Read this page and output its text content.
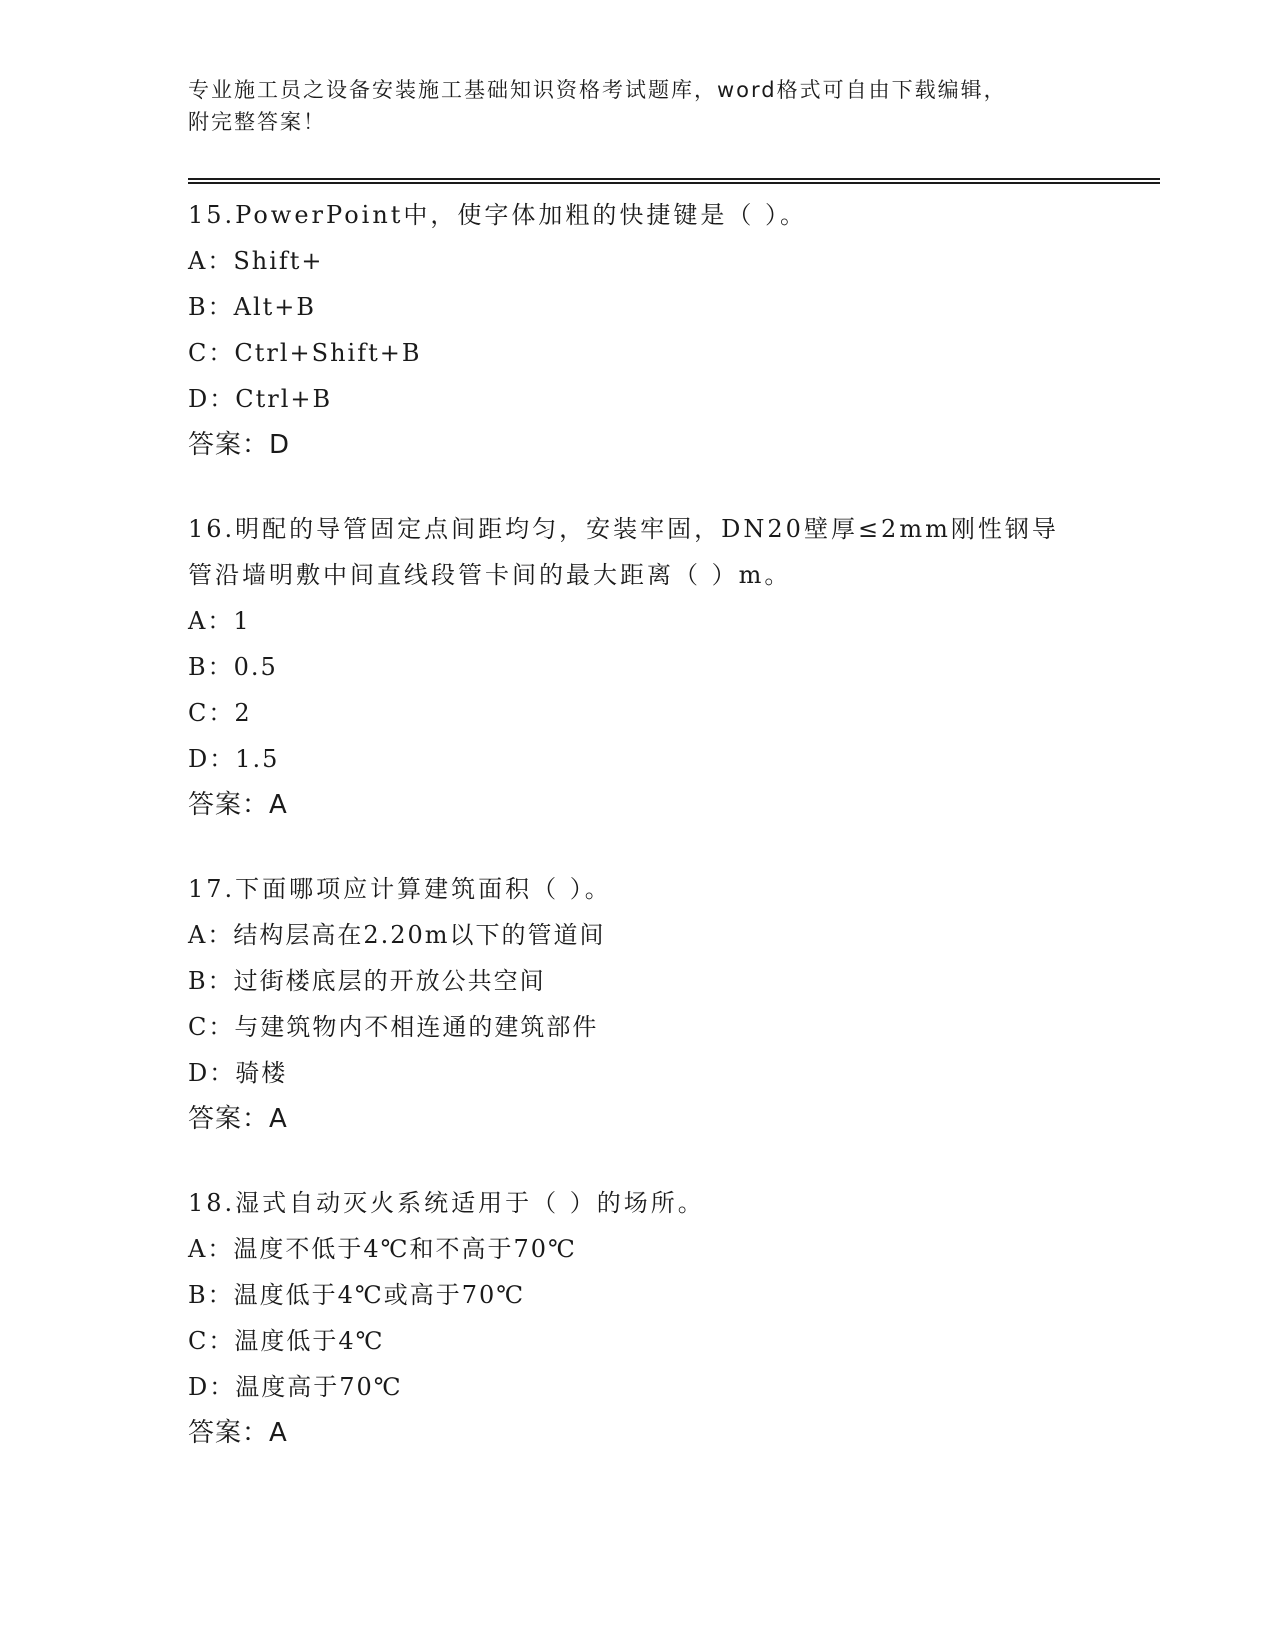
专业施工员之设备安装施工基础知识资格考试题库，word格式可自由下载编辑，
附完整答案！
15.PowerPoint中，使字体加粗的快捷键是（ ）。
A：Shift+
B：Alt+B
C：Ctrl+Shift+B
D：Ctrl+B
答案：D
16.明配的导管固定点间距均匀，安装牢固，DN20壁厚≤2mm刚性钢导
管沿墙明敷中间直线段管卡间的最大距离（ ）m。
A：1
B：0.5
C：2
D：1.5
答案：A
17.下面哪项应计算建筑面积（ ）。
A：结构层高在2.20m以下的管道间
B：过街楼底层的开放公共空间
C：与建筑物内不相连通的建筑部件
D：骑楼
答案：A
18.湿式自动灭火系统适用于（ ）的场所。
A：温度不低于4℃和不高于70℃
B：温度低于4℃或高于70℃
C：温度低于4℃
D：温度高于70℃
答案：A
